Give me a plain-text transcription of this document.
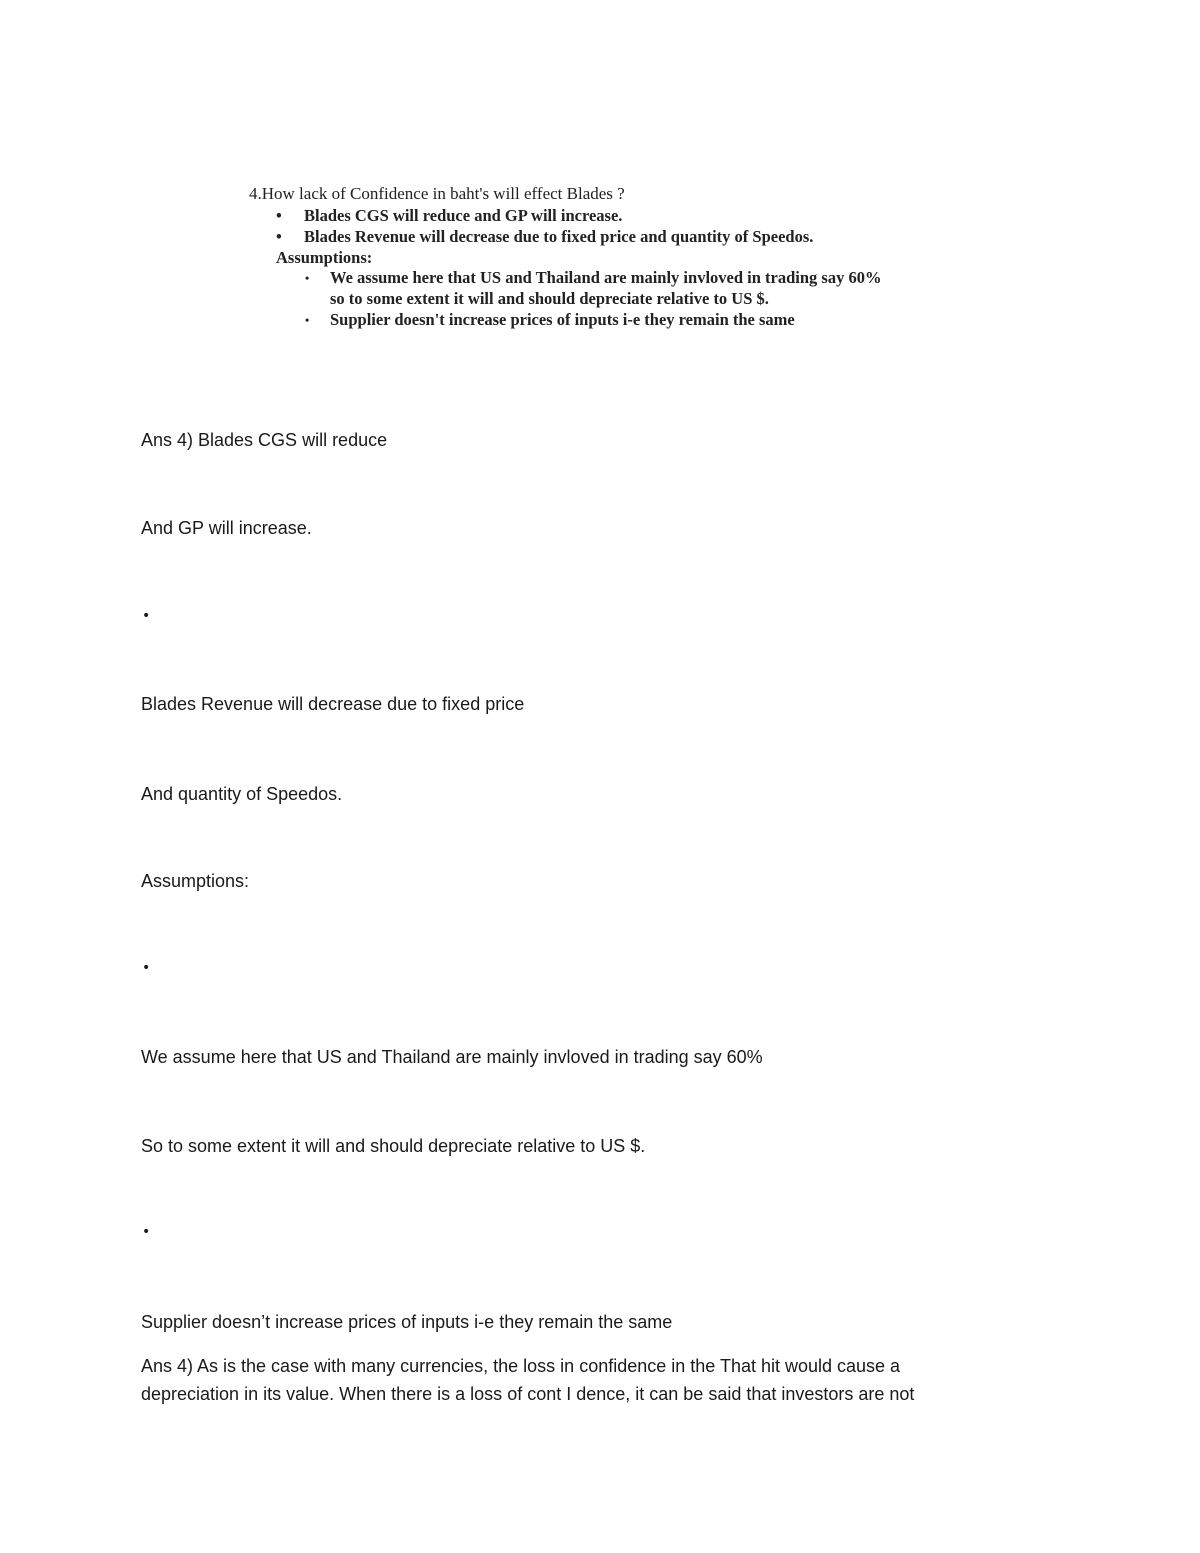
4.How lack of Confidence in baht's will effect Blades ?
• Blades CGS will reduce and GP will increase.
• Blades Revenue will decrease due to fixed price and quantity of Speedos.
Assumptions:
• We assume here that US and Thailand are mainly invloved in trading say 60%
so to some extent it will and should depreciate relative to US $.
• Supplier doesn't increase prices of inputs i-e they remain the same
Ans 4) Blades CGS will reduce
And GP will increase.
•
Blades Revenue will decrease due to fixed price
And quantity of Speedos.
Assumptions:
•
We assume here that US and Thailand are mainly invloved in trading say 60%
So to some extent it will and should depreciate relative to US $.
•
Supplier doesn’t increase prices of inputs i-e they remain the same
Ans 4) As is the case with many currencies, the loss in confidence in the That hit would cause a
depreciation in its value. When there is a loss of cont I dence, it can be said that investors are not
